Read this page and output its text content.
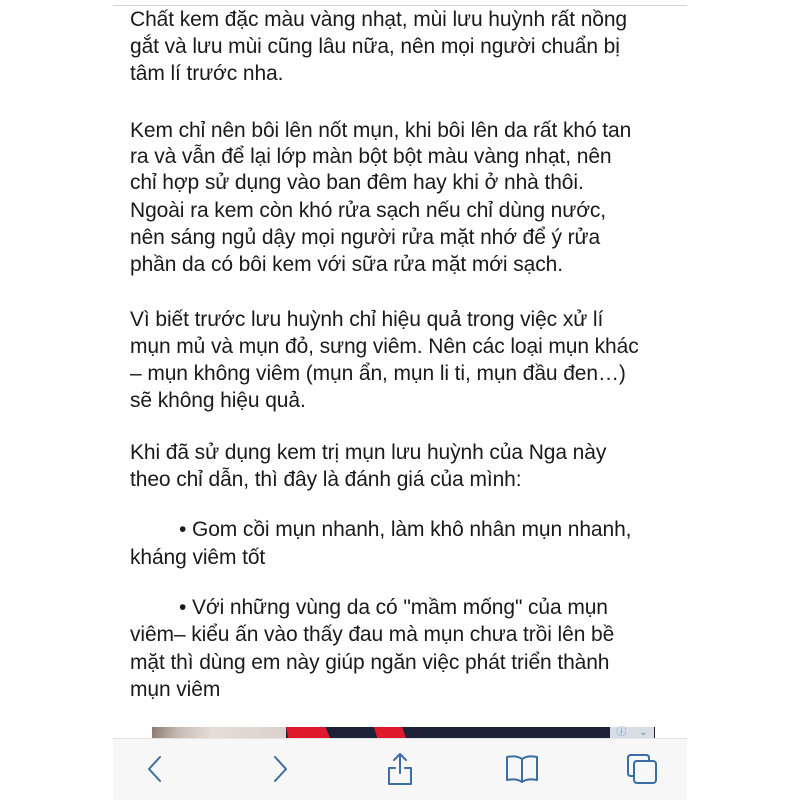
Chất kem đặc màu vàng nhạt, mùi lưu huỳnh rất nồng
gắt và lưu mùi cũng lâu nữa, nên mọi người chuẩn bị
tâm lí trước nha.
Kem chỉ nên bôi lên nốt mụn, khi bôi lên da rất khó tan
ra và vẫn để lại lớp màn bột bột màu vàng nhạt, nên
chỉ hợp sử dụng vào ban đêm hay khi ở nhà thôi.
Ngoài ra kem còn khó rửa sạch nếu chỉ dùng nước,
nên sáng ngủ dậy mọi người rửa mặt nhớ để ý rửa
phần da có bôi kem với sữa rửa mặt mới sạch.
Vì biết trước lưu huỳnh chỉ hiệu quả trong việc xử lí
mụn mủ và mụn đỏ, sưng viêm. Nên các loại mụn khác
– mụn không viêm (mụn ẩn, mụn li ti, mụn đầu đen…)
sẽ không hiệu quả.
Khi đã sử dụng kem trị mụn lưu huỳnh của Nga này
theo chỉ dẫn, thì đây là đánh giá của mình:
• Gom cồi mụn nhanh, làm khô nhân mụn nhanh,
kháng viêm tốt
• Với những vùng da có "mầm mống" của mụn
viêm– kiểu ấn vào thấy đau mà mụn chưa trồi lên bề
mặt thì dùng em này giúp ngăn việc phát triển thành
mụn viêm
ⓘ ⌄
